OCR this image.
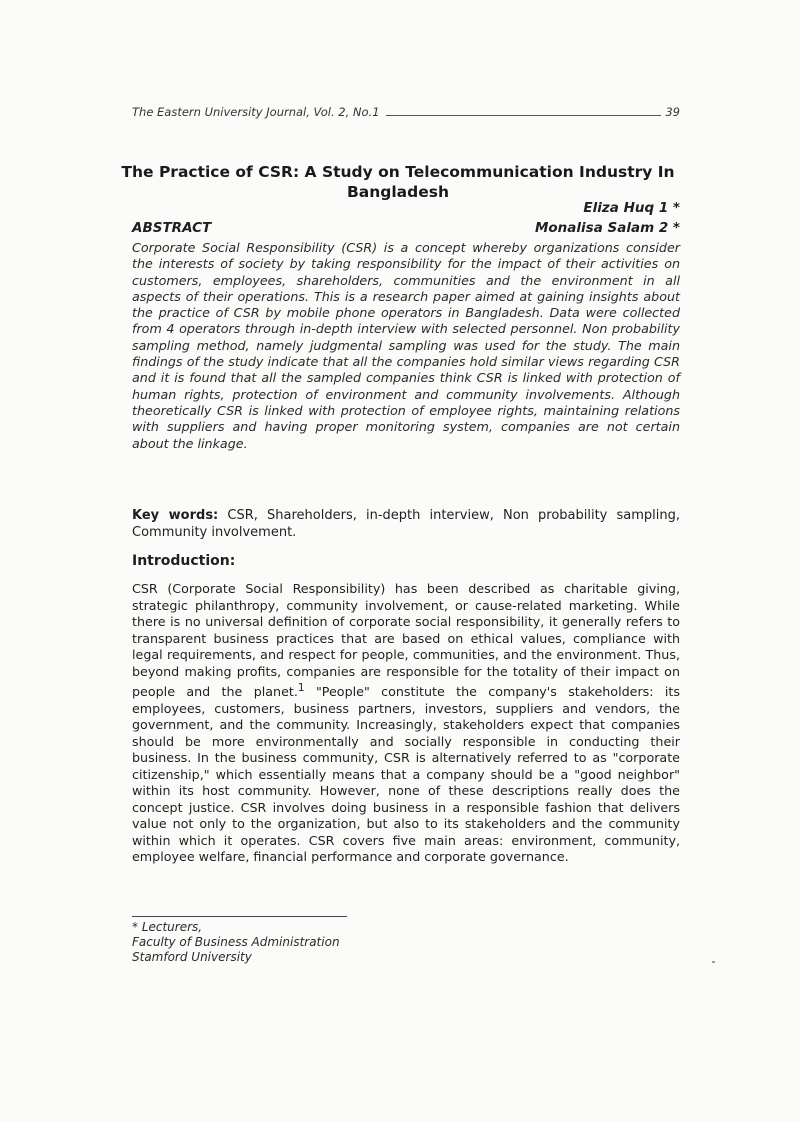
The Eastern University Journal, Vol. 2, No.1	39
The Practice of CSR: A Study on Telecommunication Industry In Bangladesh
Eliza Huq 1 *
ABSTRACT	Monalisa Salam 2 *

Corporate Social Responsibility (CSR) is a concept whereby organizations consider the interests of society by taking responsibility for the impact of their activities on customers, employees, shareholders, communities and the environment in all aspects of their operations. This is a research paper aimed at gaining insights about the practice of CSR by mobile phone operators in Bangladesh. Data were collected from 4 operators through in-depth interview with selected personnel. Non probability sampling method, namely judgmental sampling was used for the study. The main findings of the study indicate that all the companies hold similar views regarding CSR and it is found that all the sampled companies think CSR is linked with protection of human rights, protection of environment and community involvements. Although theoretically CSR is linked with protection of employee rights, maintaining relations with suppliers and having proper monitoring system, companies are not certain about the linkage.

Key words: CSR, Shareholders, in-depth interview, Non probability sampling, Community involvement.

Introduction:

CSR (Corporate Social Responsibility) has been described as charitable giving, strategic philanthropy, community involvement, or cause-related marketing. While there is no universal definition of corporate social responsibility, it generally refers to transparent business practices that are based on ethical values, compliance with legal requirements, and respect for people, communities, and the environment. Thus, beyond making profits, companies are responsible for the totality of their impact on people and the planet.$^1$ "People" constitute the company's stakeholders: its employees, customers, business partners, investors, suppliers and vendors, the government, and the community. Increasingly, stakeholders expect that companies should be more environmentally and socially responsible in conducting their business. In the business community, CSR is alternatively referred to as "corporate citizenship," which essentially means that a company should be a "good neighbor" within its host community. However, none of these descriptions really does the concept justice. CSR involves doing business in a responsible fashion that delivers value not only to the organization, but also to its stakeholders and the community within which it operates. CSR covers five main areas: environment, community, employee welfare, financial performance and corporate governance.

* Lecturers,
Faculty of Business Administration
Stamford University
